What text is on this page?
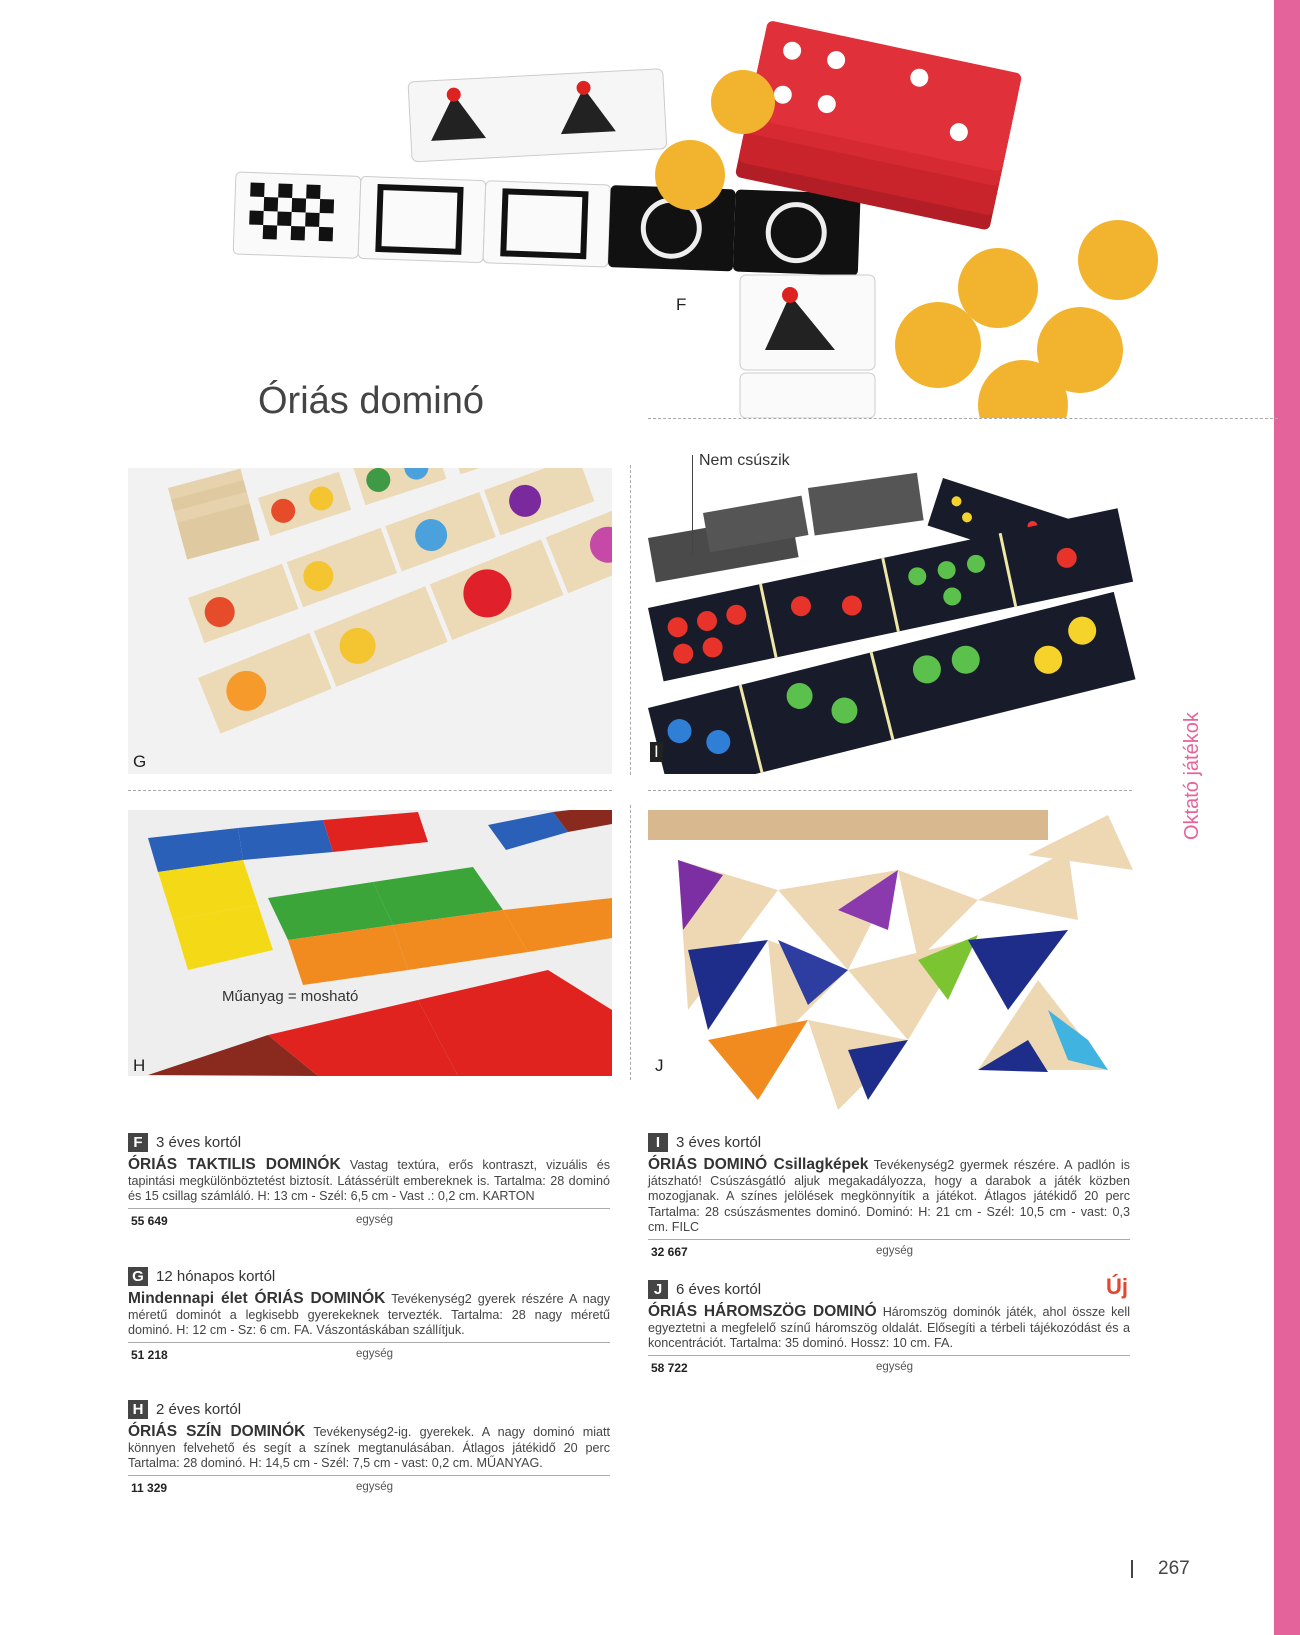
Oktató játékok
F
Óriás dominó
G
Nem csúszik
I
Műanyag = mosható
H	J
F 3 éves kortól
ÓRIÁS TAKTILIS DOMINÓK Vastag textúra, erős kontraszt, vizuális és tapintási megkülönböztetést biztosít. Látássérült embereknek is. Tartalma: 28 dominó és 15 csillag számláló. H: 13 cm - Szél: 6,5 cm - Vast .: 0,2 cm. KARTON
55 649	egység
G 12 hónapos kortól
Mindennapi élet ÓRIÁS DOMINÓK Tevékenység2 gyerek részére A nagy méretű dominót a legkisebb gyerekeknek tervezték. Tartalma: 28 nagy méretű dominó. H: 12 cm - Sz: 6 cm. FA. Vászontáskában szállítjuk.
51 218	egység
H 2 éves kortól
ÓRIÁS SZÍN DOMINÓK Tevékenység2-ig. gyerekek. A nagy dominó miatt könnyen felvehető és segít a színek megtanulásában. Átlagos játékidő 20 perc Tartalma: 28 dominó. H: 14,5 cm - Szél: 7,5 cm - vast: 0,2 cm. MŰANYAG.
11 329	egység
I	3 éves kortól
ÓRIÁS DOMINÓ Csillagképek Tevékenység2 gyermek részére. A padlón is játszható! Csúszásgátló aljuk megakadályozza, hogy a darabok a játék közben mozogjanak. A színes jelölések megkönnyítik a játékot. Átlagos játékidő 20 perc Tartalma: 28 csúszásmentes dominó. Dominó: H: 21 cm - Szél: 10,5 cm - vast: 0,3 cm. FILC
32 667	egység
J 6 éves kortól
ÓRIÁS HÁROMSZÖG DOMINÓ Háromszög dominók játék, ahol össze kell egyeztetni a megfelelő színű háromszög oldalát. Elősegíti a térbeli tájékozódást és a koncentrációt. Tartalma: 35 dominó. Hossz: 10 cm. FA.
58 722	egység
Új
267
